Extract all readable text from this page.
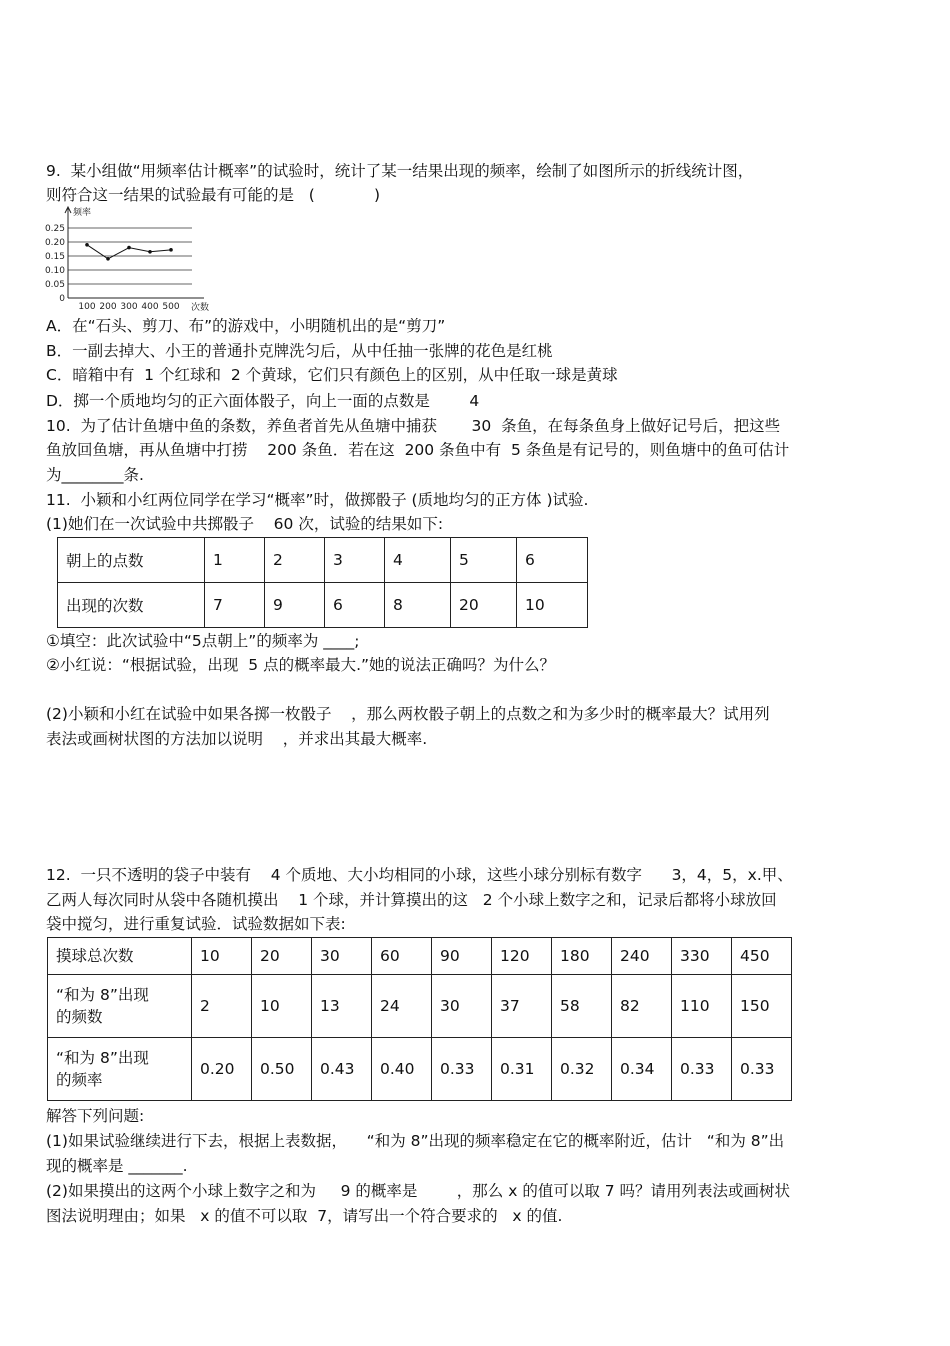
9.  某小组做“用频率估计概率”的试验时，统计了某一结果出现的频率，绘制了如图所示的折线统计图，
则符合这一结果的试验最有可能的是   (            )
0.25
0.20
0.15
0.10
0.05
频率
0
100 200 300 400 500 次数
A．在“石头、剪刀、布”的游戏中，小明随机出的是“剪刀”
B．一副去掉大、小王的普通扑克牌洗匀后，从中任抽一张牌的花色是红桃
C．暗箱中有  1 个红球和  2 个黄球，它们只有颜色上的区别，从中任取一球是黄球
D．掷一个质地均匀的正六面体骰子，向上一面的点数是        4
10.  为了估计鱼塘中鱼的条数，养鱼者首先从鱼塘中捕获       30  条鱼，在每条鱼身上做好记号后，把这些
鱼放回鱼塘，再从鱼塘中打捞    200 条鱼．若在这  200 条鱼中有  5 条鱼是有记号的，则鱼塘中的鱼可估计
为________条.
11.  小颖和小红两位同学在学习“概率”时，做掷骰子 (质地均匀的正方体 )试验.
(1)她们在一次试验中共掷骰子    60 次，试验的结果如下:
朝上的点数	1	2	3	4	5	6
出现的次数	7	9	6	8	20	10
①填空：此次试验中“5点朝上”的频率为 ____;
②小红说：“根据试验，出现  5 点的概率最大.”她的说法正确吗？为什么？
(2)小颖和小红在试验中如果各掷一枚骰子    ，那么两枚骰子朝上的点数之和为多少时的概率最大？试用列
表法或画树状图的方法加以说明    ，并求出其最大概率.
12.  一只不透明的袋子中装有    4 个质地、大小均相同的小球，这些小球分别标有数字      3，4，5，x.甲、
乙两人每次同时从袋中各随机摸出    1 个球，并计算摸出的这   2 个小球上数字之和，记录后都将小球放回
袋中搅匀，进行重复试验．试验数据如下表:
摸球总次数	10	20	30	60	90	120	180	240	330	450

“和为 8”出现
的频数	2	10	13	24	30	37	58	82	110	150

“和为 8”出现
的频率	0.20	0.50	0.43	0.40	0.33	0.31	0.32	0.34	0.33	0.33
解答下列问题:
(1)如果试验继续进行下去，根据上表数据，    “和为 8”出现的频率稳定在它的概率附近，估计   “和为 8”出
现的概率是 _______.
(2)如果摸出的这两个小球上数字之和为     9 的概率是        ，那么 x 的值可以取 7 吗？请用列表法或画树状
图法说明理由；如果   x 的值不可以取  7，请写出一个符合要求的   x 的值.
